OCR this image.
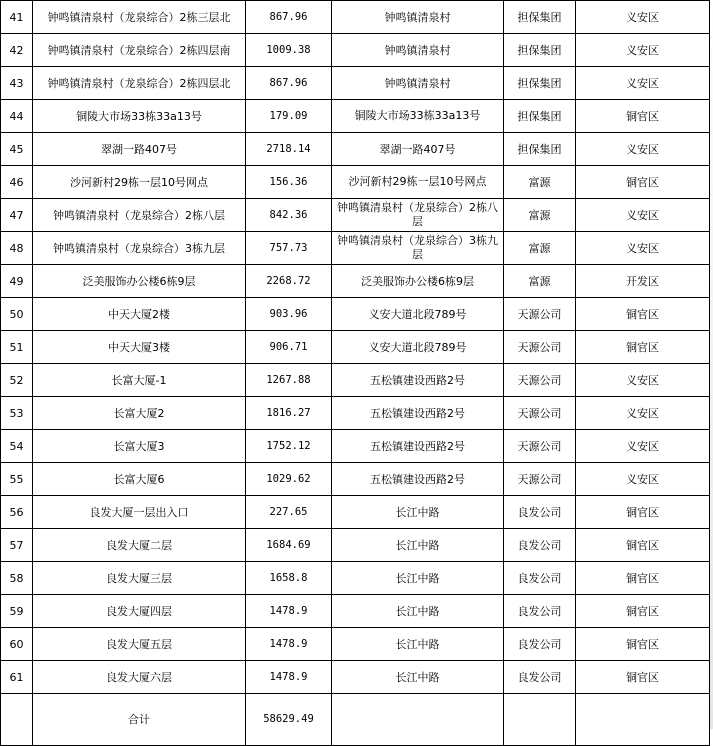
41	钟鸣镇清泉村（龙泉综合）2栋三层北	867.96	钟鸣镇清泉村	担保集团	义安区
42	钟鸣镇清泉村（龙泉综合）2栋四层南	1009.38	钟鸣镇清泉村	担保集团	义安区
43	钟鸣镇清泉村（龙泉综合）2栋四层北	867.96	钟鸣镇清泉村	担保集团	义安区
44	铜陵大市场33栋33a13号	179.09	铜陵大市场33栋33a13号	担保集团	铜官区
45	翠湖一路407号	2718.14	翠湖一路407号	担保集团	义安区
46	沙河新村29栋一层10号网点	156.36	沙河新村29栋一层10号网点	富源	铜官区
47	钟鸣镇清泉村（龙泉综合）2栋八层	842.36	钟鸣镇清泉村（龙泉综合）2栋八层	富源	义安区
48	钟鸣镇清泉村（龙泉综合）3栋九层	757.73	钟鸣镇清泉村（龙泉综合）3栋九层	富源	义安区
49	泛美服饰办公楼6栋9层	2268.72	泛美服饰办公楼6栋9层	富源	开发区
50	中天大厦2楼	903.96	义安大道北段789号	天源公司	铜官区
51	中天大厦3楼	906.71	义安大道北段789号	天源公司	铜官区
52	长富大厦-1	1267.88	五松镇建设西路2号	天源公司	义安区
53	长富大厦2	1816.27	五松镇建设西路2号	天源公司	义安区
54	长富大厦3	1752.12	五松镇建设西路2号	天源公司	义安区
55	长富大厦6	1029.62	五松镇建设西路2号	天源公司	义安区
56	良发大厦一层出入口	227.65	长江中路	良发公司	铜官区
57	良发大厦二层	1684.69	长江中路	良发公司	铜官区
58	良发大厦三层	1658.8	长江中路	良发公司	铜官区
59	良发大厦四层	1478.9	长江中路	良发公司	铜官区
60	良发大厦五层	1478.9	长江中路	良发公司	铜官区
61	良发大厦六层	1478.9	长江中路	良发公司	铜官区
	合计	58629.49			
